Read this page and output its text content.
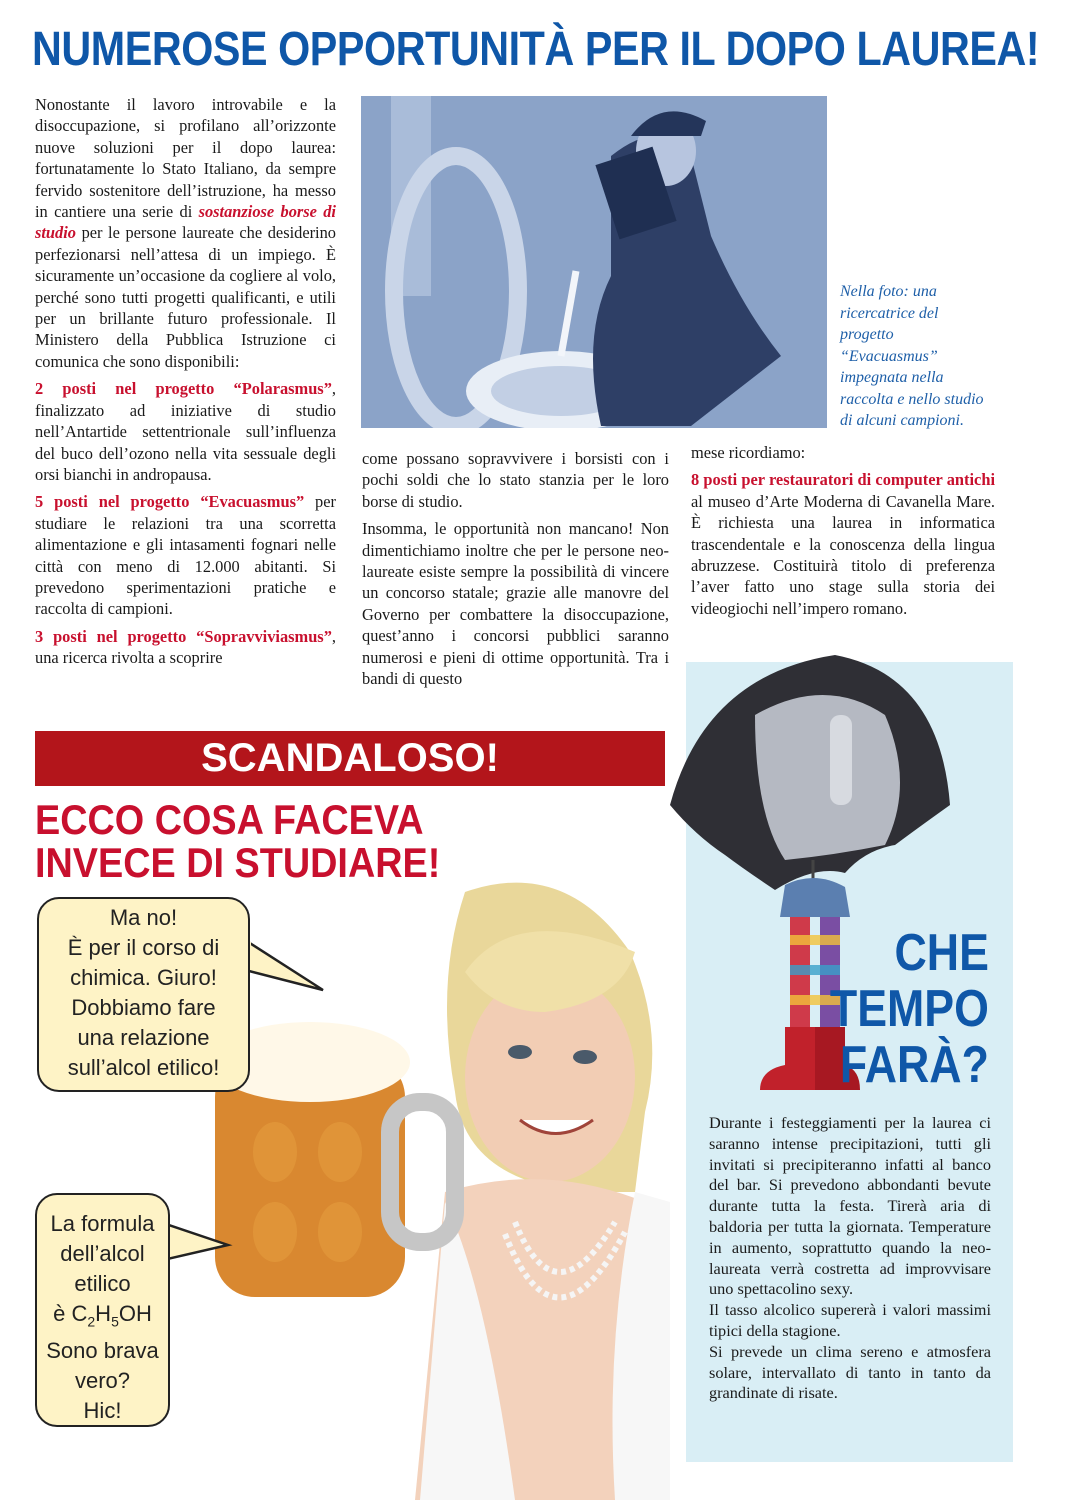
NUMEROSE OPPORTUNITÀ PER IL DOPO LAUREA!

Nonostante il lavoro introvabile e la disoccupazione, si profilano all’orizzonte nuove soluzioni per il dopo laurea: fortunatamente lo Stato Italiano, da sempre fervido sostenitore dell’istruzione, ha messo in cantiere una serie di sostanziose borse di studio per le persone laureate che desiderino perfezionarsi nell’attesa di un impiego. È sicuramente un’occasione da cogliere al volo, perché sono tutti progetti qualificanti, e utili per un brillante futuro professionale. Il Ministero della Pubblica Istruzione ci comunica che sono disponibili:

2 posti nel progetto “Polarasmus”, finalizzato ad iniziative di studio nell’Antartide settentrionale sull’influenza del buco dell’ozono nella vita sessuale degli orsi bianchi in andropausa.

5 posti nel progetto “Evacuasmus” per studiare le relazioni tra una scorretta alimentazione e gli intasamenti fognari nelle città con meno di 12.000 abitanti. Si prevedono sperimentazioni pratiche e raccolta di campioni.

3 posti nel progetto “Sopravviviasmus”, una ricerca rivolta a scoprire

Nella foto: una ricercatrice del progetto “Evacuasmus” impegnata nella raccolta e nello studio di alcuni campioni.

come possano sopravvivere i borsisti con i pochi soldi che lo stato stanzia per le loro borse di studio.

Insomma, le opportunità non mancano! Non dimentichiamo inoltre che per le persone neo-laureate esiste sempre la possibilità di vincere un concorso statale; grazie alle manovre del Governo per combattere la disoccupazione, quest’anno i concorsi pubblici saranno numerosi e pieni di ottime opportunità. Tra i bandi di questo

mese ricordiamo:

8 posti per restauratori di computer antichi al museo d’Arte Moderna di Cavanella Mare. È richiesta una laurea in informatica trascendentale e la conoscenza della lingua abruzzese. Costituirà titolo di preferenza l’aver fatto uno stage sulla storia dei videogiochi nell’impero romano.

SCANDALOSO!
ECCO COSA FACEVA
INVECE DI STUDIARE!
Ma no!
È per il corso di
chimica. Giuro!
Dobbiamo fare
una relazione
sull’alcol etilico!
La formula
dell’alcol
etilico
è $C_2H_5OH$
Sono brava
vero?
Hic!
CHE
TEMPO
FARÀ?

Durante i festeggiamenti per la laurea ci saranno intense precipitazioni, tutti gli invitati si precipiteranno infatti al banco del bar. Si prevedono abbondanti bevute durante tutta la festa. Tirerà aria di baldoria per tutta la giornata. Temperature in aumento, soprattutto quando la neo-laureata verrà costretta ad improvvisare uno spettacolino sexy.

Il tasso alcolico supererà i valori massimi tipici della stagione.

Si prevede un clima sereno e atmosfera solare, intervallato di tanto in tanto da grandinate di risate.
